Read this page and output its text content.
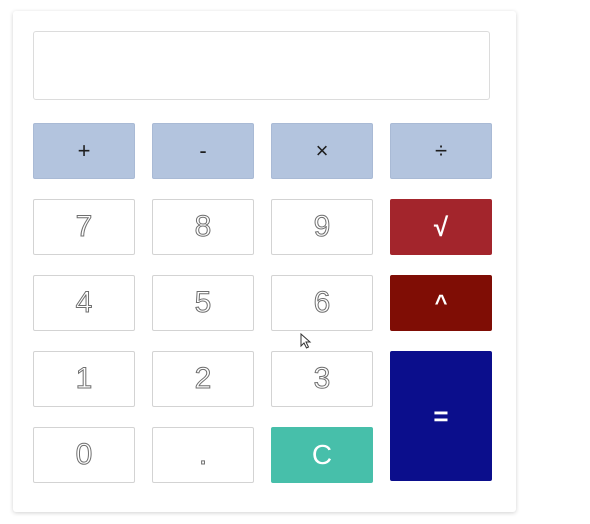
+	-	×	÷
7	8	9	√
4	5	6	^
1	2	3
=
0	.	C
